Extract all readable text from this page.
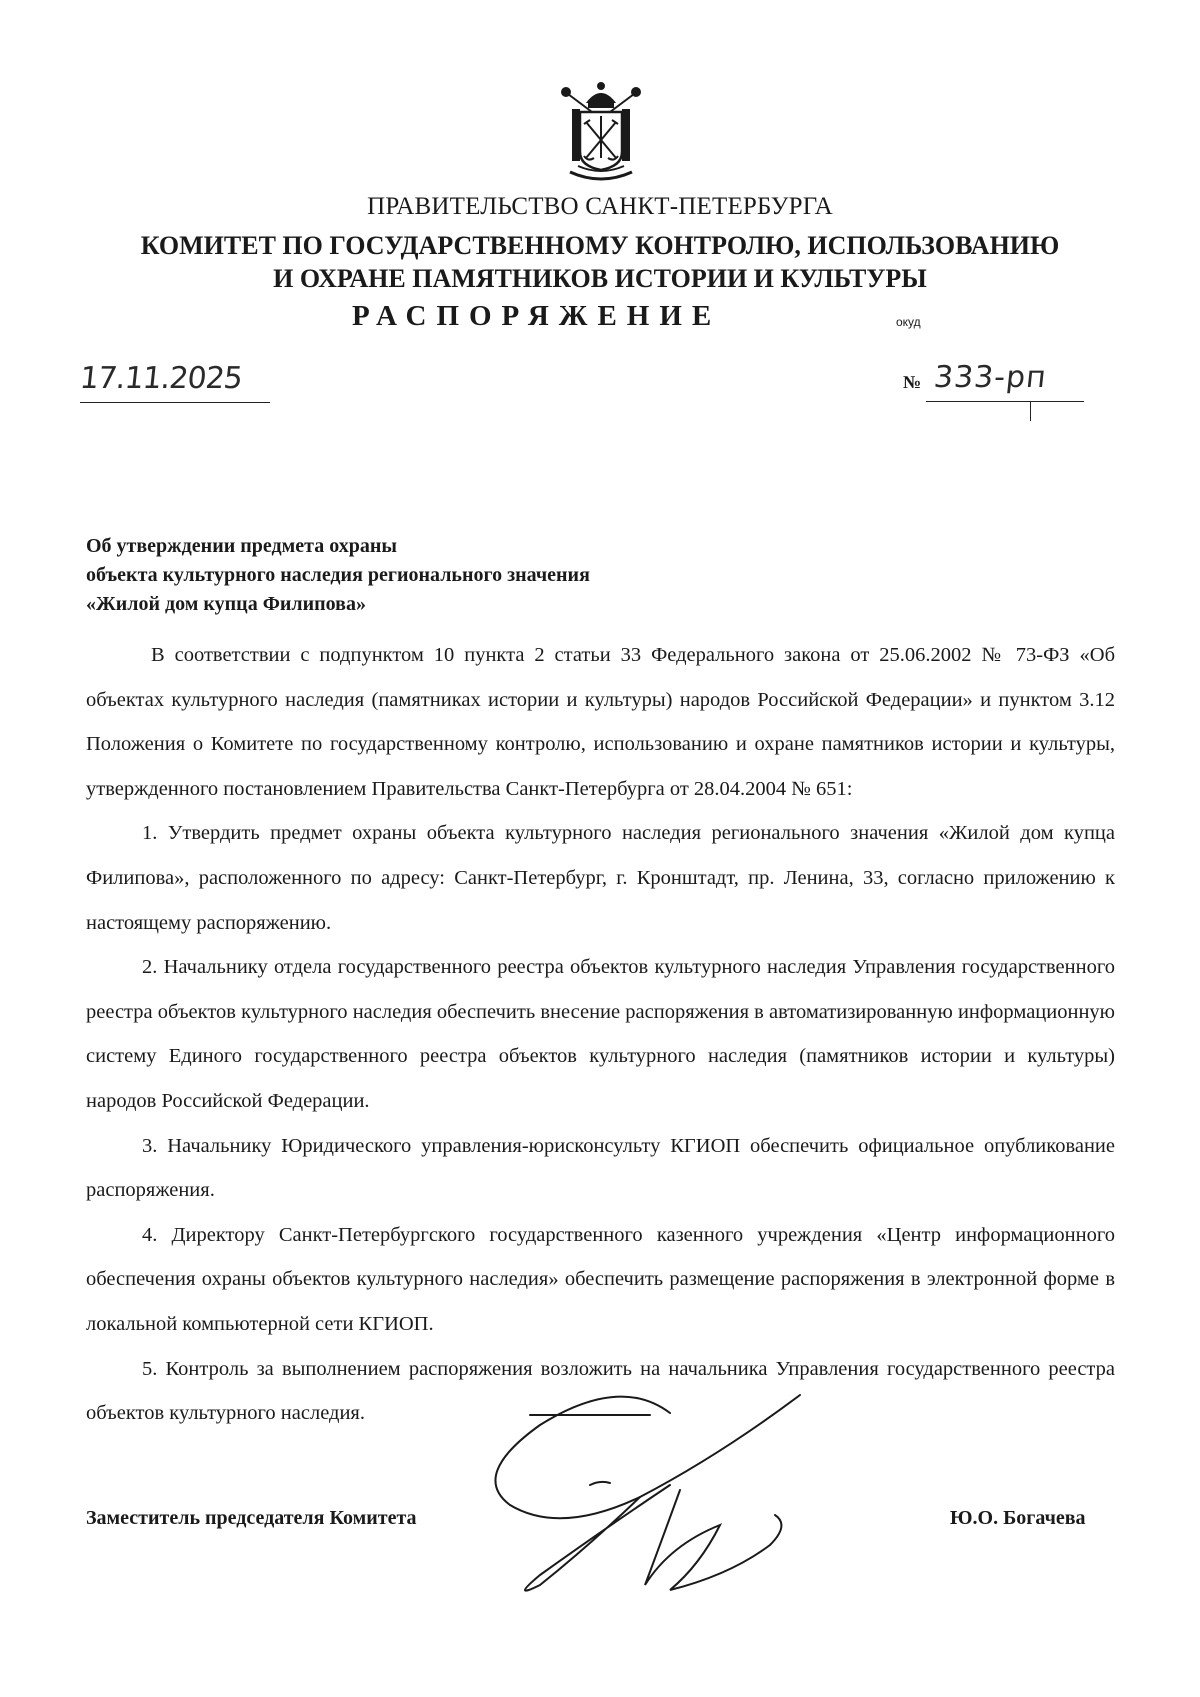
ПРАВИТЕЛЬСТВО САНКТ-ПЕТЕРБУРГА
КОМИТЕТ ПО ГОСУДАРСТВЕННОМУ КОНТРОЛЮ, ИСПОЛЬЗОВАНИЮ
И ОХРАНЕ ПАМЯТНИКОВ ИСТОРИИ И КУЛЬТУРЫ
РАСПОРЯЖЕНИЕ	окуд
17.11.2025	№ 333-рп
Об утверждении предмета охраны
объекта культурного наследия регионального значения
«Жилой дом купца Филипова»

В соответствии с подпунктом 10 пункта 2 статьи 33 Федерального закона от 25.06.2002 № 73-ФЗ «Об объектах культурного наследия (памятниках истории и культуры) народов Российской Федерации» и пунктом 3.12 Положения о Комитете по государственному контролю, использованию и охране памятников истории и культуры, утвержденного постановлением Правительства Санкт-Петербурга от 28.04.2004 № 651:

1. Утвердить предмет охраны объекта культурного наследия регионального значения «Жилой дом купца Филипова», расположенного по адресу: Санкт-Петербург, г. Кронштадт, пр. Ленина, 33, согласно приложению к настоящему распоряжению.

2. Начальнику отдела государственного реестра объектов культурного наследия Управления государственного реестра объектов культурного наследия обеспечить внесение распоряжения в автоматизированную информационную систему Единого государственного реестра объектов культурного наследия (памятников истории и культуры) народов Российской Федерации.

3. Начальнику Юридического управления-юрисконсульту КГИОП обеспечить официальное опубликование распоряжения.

4. Директору Санкт-Петербургского государственного казенного учреждения «Центр информационного обеспечения охраны объектов культурного наследия» обеспечить размещение распоряжения в электронной форме в локальной компьютерной сети КГИОП.

5. Контроль за выполнением распоряжения возложить на начальника Управления государственного реестра объектов культурного наследия.

Заместитель председателя Комитета	Ю.О. Богачева
